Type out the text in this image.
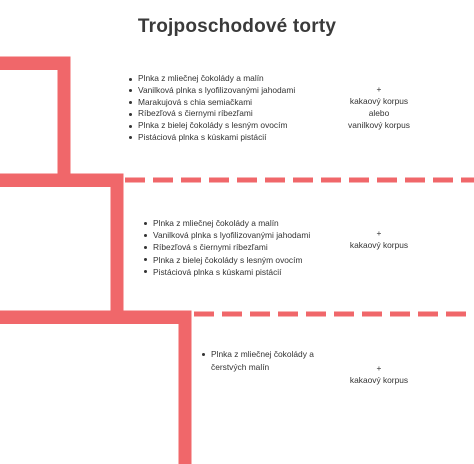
Trojposchodové torty
Plnka z mliečnej čokolády a malín
Vanilková plnka s lyofilizovanými jahodami
Marakujová s chia semiačkami
Ríbezľová s čiernymi ríbezľami
Plnka z bielej čokolády s lesným ovocím
Pistáciová plnka s kúskami pistácií
+
kakaový korpus
alebo
vanilkový korpus
Plnka z mliečnej čokolády a malín
Vanilková plnka s lyofilizovanými jahodami
Ríbezľová s čiernymi ríbezľami
Plnka z bielej čokolády s lesným ovocím
Pistáciová plnka s kúskami pistácií
+
kakaový korpus
Plnka z mliečnej čokolády a čerstvých malín	+
kakaový korpus
